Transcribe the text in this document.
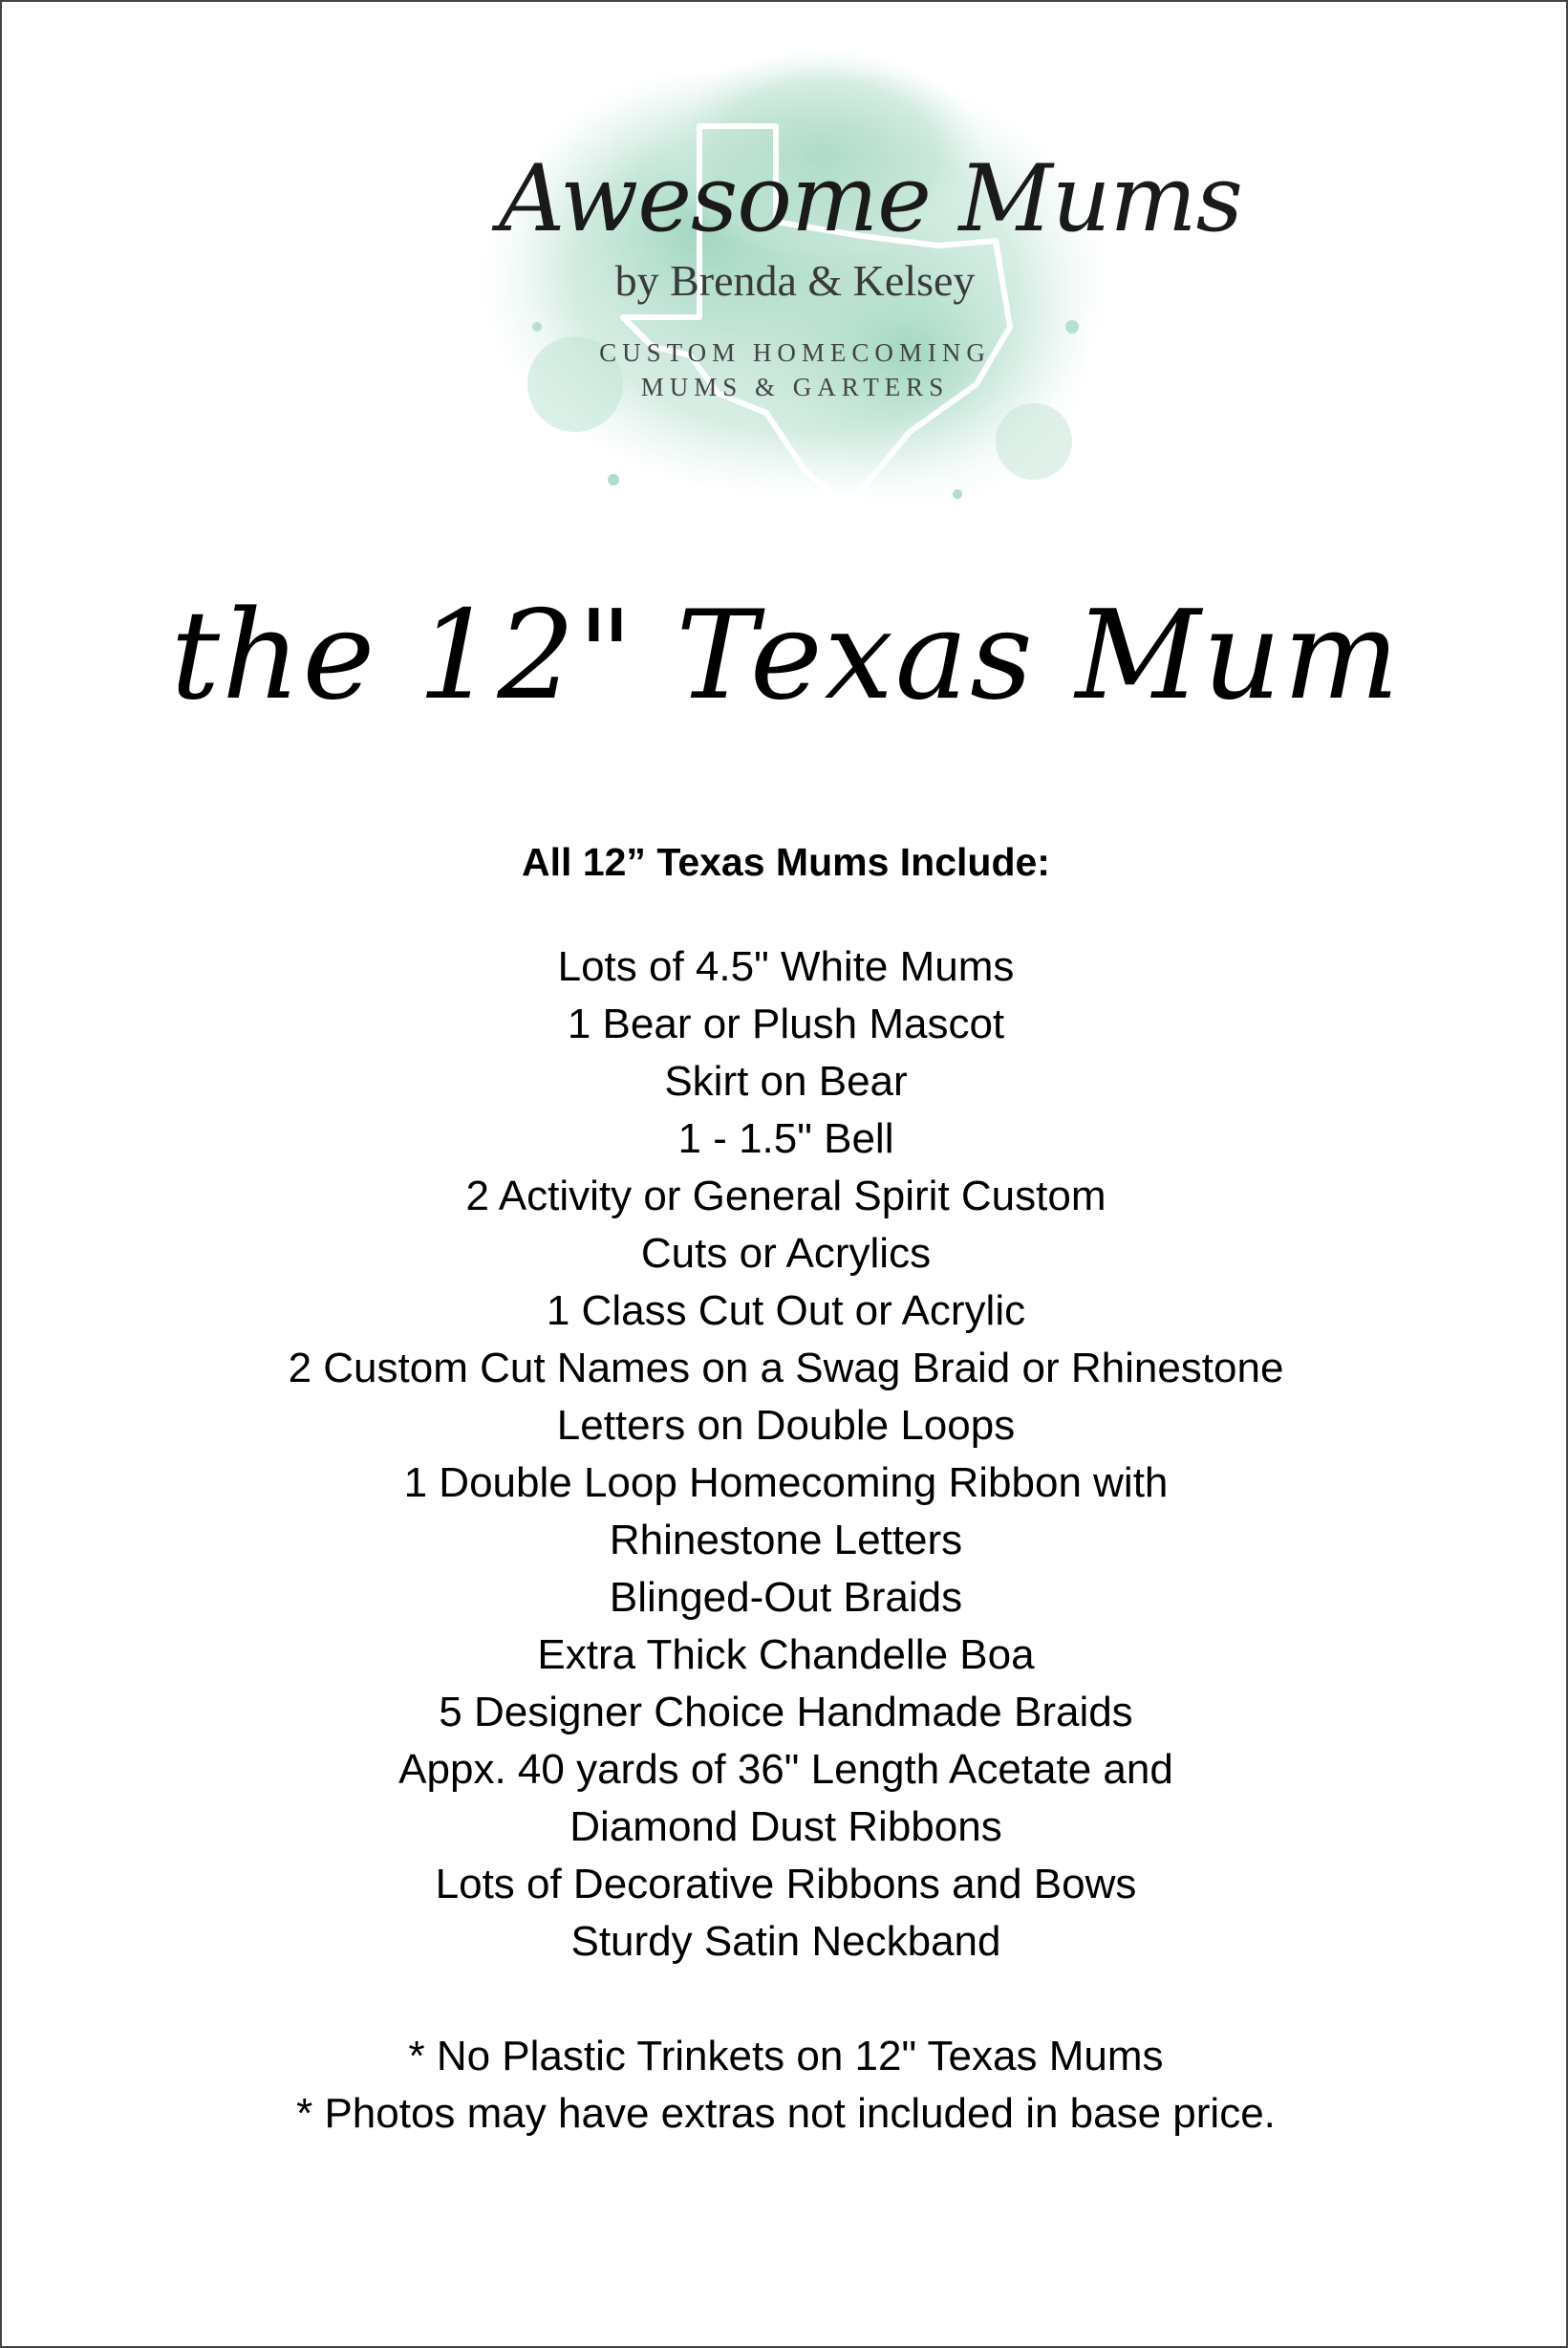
Awesome Mums
by Brenda & Kelsey
CUSTOM HOMECOMING
MUMS & GARTERS
the 12" Texas Mum
All 12” Texas Mums Include:
Lots of 4.5" White Mums
1 Bear or Plush Mascot
Skirt on Bear
1 - 1.5" Bell
2 Activity or General Spirit Custom
Cuts or Acrylics
1 Class Cut Out or Acrylic
2 Custom Cut Names on a Swag Braid or Rhinestone
Letters on Double Loops
1 Double Loop Homecoming Ribbon with
Rhinestone Letters
Blinged-Out Braids
Extra Thick Chandelle Boa
5 Designer Choice Handmade Braids
Appx. 40 yards of 36" Length Acetate and
Diamond Dust Ribbons
Lots of Decorative Ribbons and Bows
Sturdy Satin Neckband
* No Plastic Trinkets on 12" Texas Mums
* Photos may have extras not included in base price.
